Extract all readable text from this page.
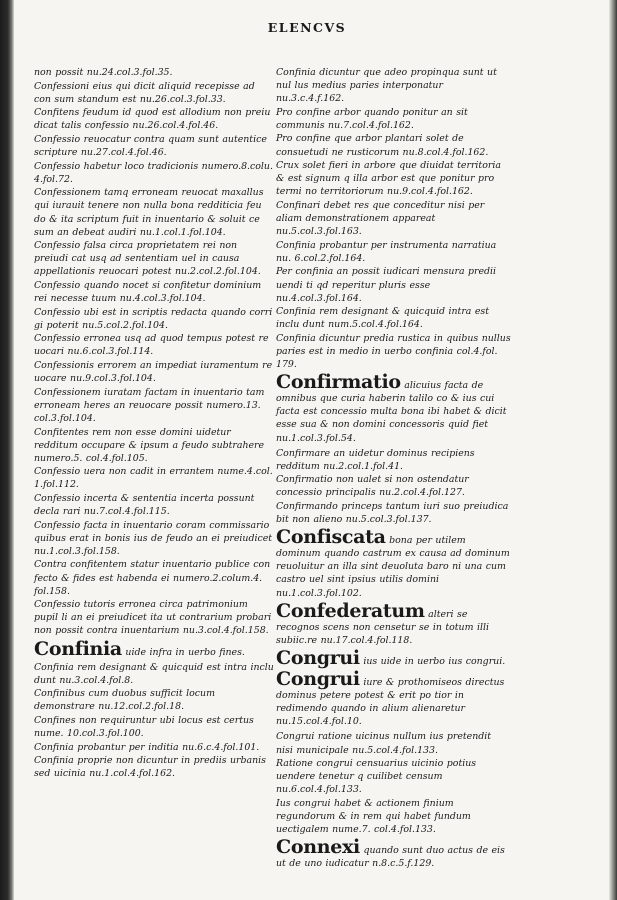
ELENCVS
non possit nu.24.col.3.fol.35.
Confessioni eius qui dicit aliquid recepisse ad con sum standum est nu.26.col.3.fol.33.
Confitens feudum id quod est allodium non preiu dicat talis confessio nu.26.col.4.fol.46.
Confessio reuocatur contra quam sunt autentice scripture nu.27.col.4.fol.46.
Confessio habetur loco tradicionis numero.8.colu. 4.fol.72.
Confessionem tamq erroneam reuocat maxallus qui iurauit tenere non nulla bona redditicia feu do & ita scriptum fuit in inuentario & soluit ce sum an debeat audiri nu.1.col.1.fol.104.
Confessio falsa circa proprietatem rei non preiudi cat usq ad sententiam uel in causa appellationis reuocari potest nu.2.col.2.fol.104.
Confessio quando nocet si confitetur dominium rei necesse tuum nu.4.col.3.fol.104.
Confessio ubi est in scriptis redacta quando corri gi poterit nu.5.col.2.fol.104.
Confessio erronea usq ad quod tempus potest re uocari nu.6.col.3.fol.114.
Confessionis errorem an impediat iuramentum re uocare nu.9.col.3.fol.104.
Confessionem iuratam factam in inuentario tam erroneam heres an reuocare possit numero.13. col.3.fol.104.
Confitentes rem non esse domini uidetur redditum occupare & ipsum a feudo subtrahere numero.5. col.4.fol.105.
Confessio uera non cadit in errantem nume.4.col. 1.fol.112.
Confessio incerta & sententia incerta possunt decla rari nu.7.col.4.fol.115.
Confessio facta in inuentario coram commissario quibus erat in bonis ius de feudo an ei preiudicet nu.1.col.3.fol.158.
Contra confitentem statur inuentario publice con fecto & fides est habenda ei numero.2.colum.4. fol.158.
Confessio tutoris erronea circa patrimonium pupil li an ei preiudicet ita ut contrarium probari non possit contra inuentarium nu.3.col.4.fol.158.
Confinia uide infra in uerbo fines.
Confinia rem designant & quicquid est intra inclu dunt nu.3.col.4.fol.8.
Confinibus cum duobus sufficit locum demonstrare nu.12.col.2.fol.18.
Confines non requiruntur ubi locus est certus nume. 10.col.3.fol.100.
Confinia probantur per inditia nu.6.c.4.fol.101.
Confinia proprie non dicuntur in prediis urbanis sed uicinia nu.1.col.4.fol.162.
Confinia dicuntur que adeo propinqua sunt ut nul lus medius paries interponatur nu.3.c.4.f.162.
Pro confine arbor quando ponitur an sit communis nu.7.col.4.fol.162.
Pro confine que arbor plantari solet de consuetudi ne rusticorum nu.8.col.4.fol.162.
Crux solet fieri in arbore que diuidat territoria & est signum q illa arbor est que ponitur pro termi no territoriorum nu.9.col.4.fol.162.
Confinari debet res que conceditur nisi per aliam demonstrationem appareat nu.5.col.3.fol.163.
Confinia probantur per instrumenta narratiua nu. 6.col.2.fol.164.
Per confinia an possit iudicari mensura predii uendi ti qd reperitur pluris esse nu.4.col.3.fol.164.
Confinia rem designant & quicquid intra est inclu dunt num.5.col.4.fol.164.
Confinia dicuntur predia rustica in quibus nullus paries est in medio in uerbo confinia col.4.fol. 179.
Confirmatio alicuius facta de omnibus que curia haberin talilo co & ius cui facta est concessio multa bona ibi habet & dicit esse sua & non domini concessoris quid fiet nu.1.col.3.fol.54.
Confirmare an uidetur dominus recipiens redditum nu.2.col.1.fol.41.
Confirmatio non ualet si non ostendatur concessio principalis nu.2.col.4.fol.127.
Confirmando princeps tantum iuri suo preiudica bit non alieno nu.5.col.3.fol.137.
Confiscata bona per utilem dominum quando castrum ex causa ad dominum reuoluitur an illa sint deuoluta baro ni una cum castro uel sint ipsius utilis domini nu.1.col.3.fol.102.
Confederatum alteri se recognos scens non censetur se in totum illi subiic.re nu.17.col.4.fol.118.
Congrui ius uide in uerbo ius congrui.
Congrui iure & prothomiseos directus dominus petere potest & erit po tior in redimendo quando in alium alienaretur nu.15.col.4.fol.10.
Congrui ratione uicinus nullum ius pretendit nisi municipale nu.5.col.4.fol.133.
Ratione congrui censuarius uicinio potius uendere tenetur q cuilibet censum nu.6.col.4.fol.133.
Ius congrui habet & actionem finium regundorum & in rem qui habet fundum uectigalem nume.7. col.4.fol.133.
Connexi quando sunt duo actus de eis ut de uno iudicatur n.8.c.5.f.129.
